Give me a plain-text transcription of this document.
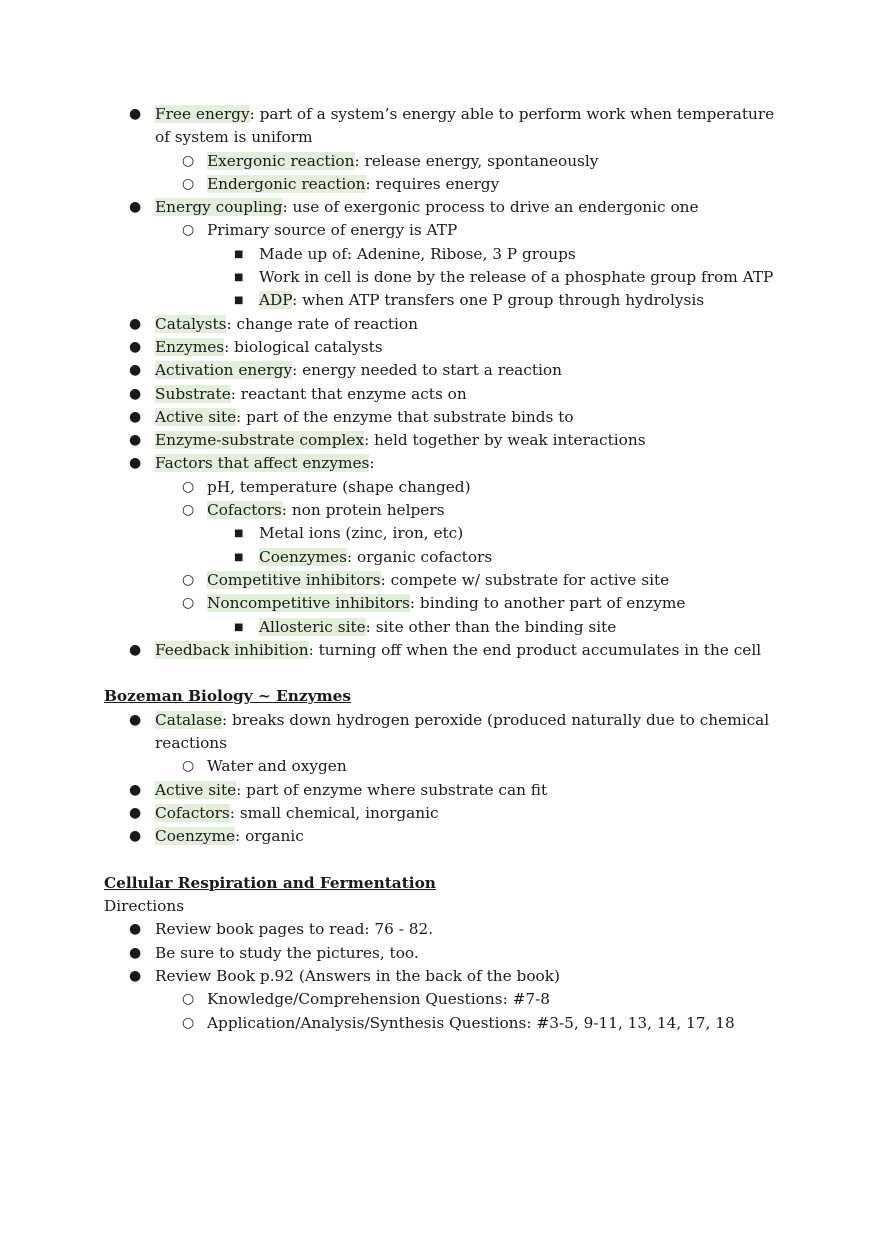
● Free energy: part of a system’s energy able to perform work when temperature of system is uniform
○ Exergonic reaction: release energy, spontaneously
○ Endergonic reaction: requires energy
● Energy coupling: use of exergonic process to drive an endergonic one
○ Primary source of energy is ATP
■ Made up of: Adenine, Ribose, 3 P groups
■ Work in cell is done by the release of a phosphate group from ATP
■ ADP: when ATP transfers one P group through hydrolysis
● Catalysts: change rate of reaction
● Enzymes: biological catalysts
● Activation energy: energy needed to start a reaction
● Substrate: reactant that enzyme acts on
● Active site: part of the enzyme that substrate binds to
● Enzyme-substrate complex: held together by weak interactions
● Factors that affect enzymes:
○ pH, temperature (shape changed)
○ Cofactors: non protein helpers
■ Metal ions (zinc, iron, etc)
■ Coenzymes: organic cofactors
○ Competitive inhibitors: compete w/ substrate for active site
○ Noncompetitive inhibitors: binding to another part of enzyme
■ Allosteric site: site other than the binding site
● Feedback inhibition: turning off when the end product accumulates in the cell
Bozeman Biology ~ Enzymes
● Catalase: breaks down hydrogen peroxide (produced naturally due to chemical reactions
○ Water and oxygen
● Active site: part of enzyme where substrate can fit
● Cofactors: small chemical, inorganic
● Coenzyme: organic
Cellular Respiration and Fermentation
Directions
● Review book pages to read: 76 - 82.
● Be sure to study the pictures, too.
● Review Book p.92 (Answers in the back of the book)
○ Knowledge/Comprehension Questions: #7-8
○ Application/Analysis/Synthesis Questions: #3-5, 9-11, 13, 14, 17, 18
